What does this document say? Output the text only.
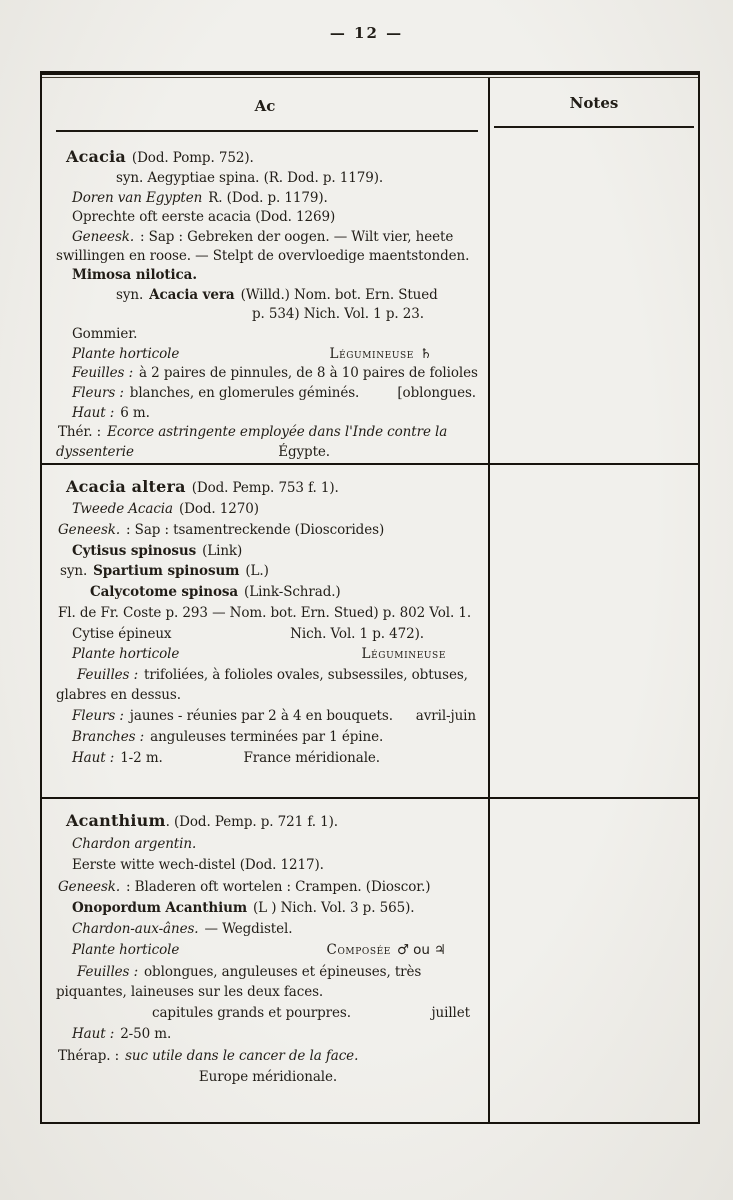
— 12 —
Ac	Notes

Acacia (Dod. Pomp. 752).

syn. Aegyptiae spina. (R. Dod. p. 1179).

Doren van Egypten R. (Dod. p. 1179).

Oprechte oft eerste acacia (Dod. 1269)

Geneesk. : Sap : Gebreken der oogen. — Wilt vier, heete swillingen en roose. — Stelpt de overvloedige maentstonden.

Mimosa nilotica.

syn. Acacia vera (Willd.) Nom. bot. Ern. Stued

p. 534) Nich. Vol. 1 p. 23.

Gommier.

Plante horticole	Légumineuse ♄

Feuilles : à 2 paires de pinnules, de 8 à 10 paires de folioles

Fleurs : blanches, en glomerules géminés.	[oblongues.

Haut : 6 m.

Thér. : Ecorce astringente employée dans l'Inde contre la

dyssenterie	Égypte.

Acacia altera (Dod. Pemp. 753 f. 1).

Tweede Acacia (Dod. 1270)

Geneesk. : Sap : tsamentreckende (Dioscorides)

Cytisus spinosus (Link)

syn. Spartium spinosum (L.)

Calycotome spinosa (Link-Schrad.)

Fl. de Fr. Coste p. 293 — Nom. bot. Ern. Stued) p. 802 Vol. 1.

Cytise épineux	Nich. Vol. 1 p. 472).

Plante horticole	Légumineuse

Feuilles : trifoliées, à folioles ovales, subsessiles, obtuses, glabres en dessus.

Fleurs : jaunes - réunies par 2 à 4 en bouquets. avril-juin

Branches : anguleuses terminées par 1 épine.

Haut : 1-2 m.	France méridionale.

Acanthium. (Dod. Pemp. p. 721 f. 1).

Chardon argentin.

Eerste witte wech-distel (Dod. 1217).

Geneesk. : Bladeren oft wortelen : Crampen. (Dioscor.)

Onopordum Acanthium (L ) Nich. Vol. 3 p. 565).

Chardon-aux-ânes. — Wegdistel.

Plante horticole	Composée ♂ ou ♃

Feuilles : oblongues, anguleuses et épineuses, très piquantes, laineuses sur les deux faces.

capitules grands et pourpres.	juillet

Haut : 2-50 m.

Thérap. : suc utile dans le cancer de la face.

Europe méridionale.
